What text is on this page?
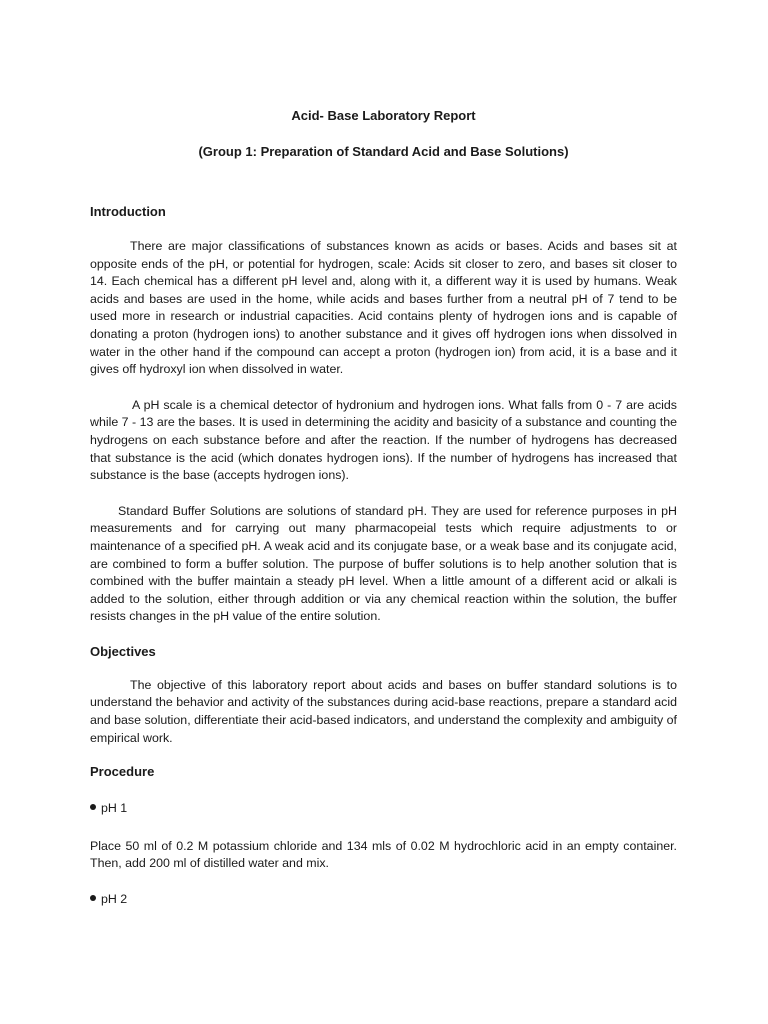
Acid- Base Laboratory Report
(Group 1: Preparation of Standard Acid and Base Solutions)
Introduction

There are major classifications of substances known as acids or bases. Acids and bases sit at opposite ends of the pH, or potential for hydrogen, scale: Acids sit closer to zero, and bases sit closer to 14. Each chemical has a different pH level and, along with it, a different way it is used by humans. Weak acids and bases are used in the home, while acids and bases further from a neutral pH of 7 tend to be used more in research or industrial capacities. Acid contains plenty of hydrogen ions and is capable of donating a proton (hydrogen ions) to another substance and it gives off hydrogen ions when dissolved in water in the other hand if the compound can accept a proton (hydrogen ion) from acid, it is a base and it gives off hydroxyl ion when dissolved in water.

A pH scale is a chemical detector of hydronium and hydrogen ions. What falls from 0 - 7 are acids while 7 - 13 are the bases. It is used in determining the acidity and basicity of a substance and counting the hydrogens on each substance before and after the reaction. If the number of hydrogens has decreased that substance is the acid (which donates hydrogen ions). If the number of hydrogens has increased that substance is the base (accepts hydrogen ions).

Standard Buffer Solutions are solutions of standard pH. They are used for reference purposes in pH measurements and for carrying out many pharmacopeial tests which require adjustments to or maintenance of a specified pH. A weak acid and its conjugate base, or a weak base and its conjugate acid, are combined to form a buffer solution. The purpose of buffer solutions is to help another solution that is combined with the buffer maintain a steady pH level. When a little amount of a different acid or alkali is added to the solution, either through addition or via any chemical reaction within the solution, the buffer resists changes in the pH value of the entire solution.

Objectives

The objective of this laboratory report about acids and bases on buffer standard solutions is to understand the behavior and activity of the substances during acid-base reactions, prepare a standard acid and base solution, differentiate their acid-based indicators, and understand the complexity and ambiguity of empirical work.

Procedure
pH 1

Place 50 ml of 0.2 M potassium chloride and 134 mls of 0.02 M hydrochloric acid in an empty container. Then, add 200 ml of distilled water and mix.

pH 2
